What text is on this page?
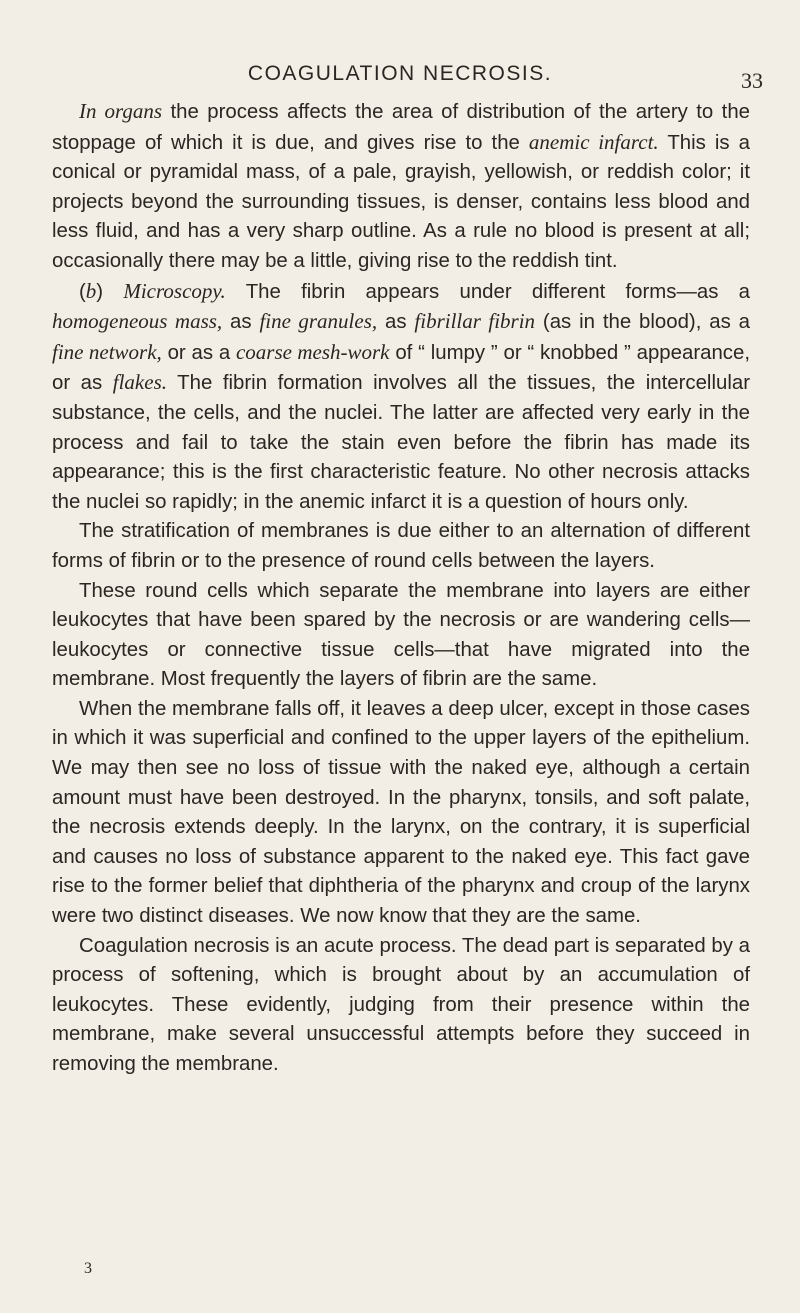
COAGULATION NECROSIS.	33

In organs the process affects the area of distribution of the artery to the stoppage of which it is due, and gives rise to the anemic infarct. This is a conical or pyramidal mass, of a pale, grayish, yellowish, or reddish color; it projects beyond the surrounding tissues, is denser, contains less blood and less fluid, and has a very sharp outline. As a rule no blood is present at all; occasionally there may be a little, giving rise to the reddish tint.

(b) Microscopy. The fibrin appears under different forms—as a homogeneous mass, as fine granules, as fibrillar fibrin (as in the blood), as a fine network, or as a coarse mesh-work of “ lumpy ” or “ knobbed ” appearance, or as flakes. The fibrin formation involves all the tissues, the intercellular substance, the cells, and the nuclei. The latter are affected very early in the process and fail to take the stain even before the fibrin has made its appearance; this is the first characteristic feature. No other necrosis attacks the nuclei so rapidly; in the anemic infarct it is a question of hours only.

The stratification of membranes is due either to an alternation of different forms of fibrin or to the presence of round cells between the layers.

These round cells which separate the membrane into layers are either leukocytes that have been spared by the necrosis or are wandering cells—leukocytes or connective tissue cells—that have migrated into the membrane. Most frequently the layers of fibrin are the same.

When the membrane falls off, it leaves a deep ulcer, except in those cases in which it was superficial and confined to the upper layers of the epithelium. We may then see no loss of tissue with the naked eye, although a certain amount must have been destroyed. In the pharynx, tonsils, and soft palate, the necrosis extends deeply. In the larynx, on the contrary, it is superficial and causes no loss of substance apparent to the naked eye. This fact gave rise to the former belief that diphtheria of the pharynx and croup of the larynx were two distinct diseases. We now know that they are the same.

Coagulation necrosis is an acute process. The dead part is separated by a process of softening, which is brought about by an accumulation of leukocytes. These evidently, judging from their presence within the membrane, make several unsuccessful attempts before they succeed in removing the membrane.

3
